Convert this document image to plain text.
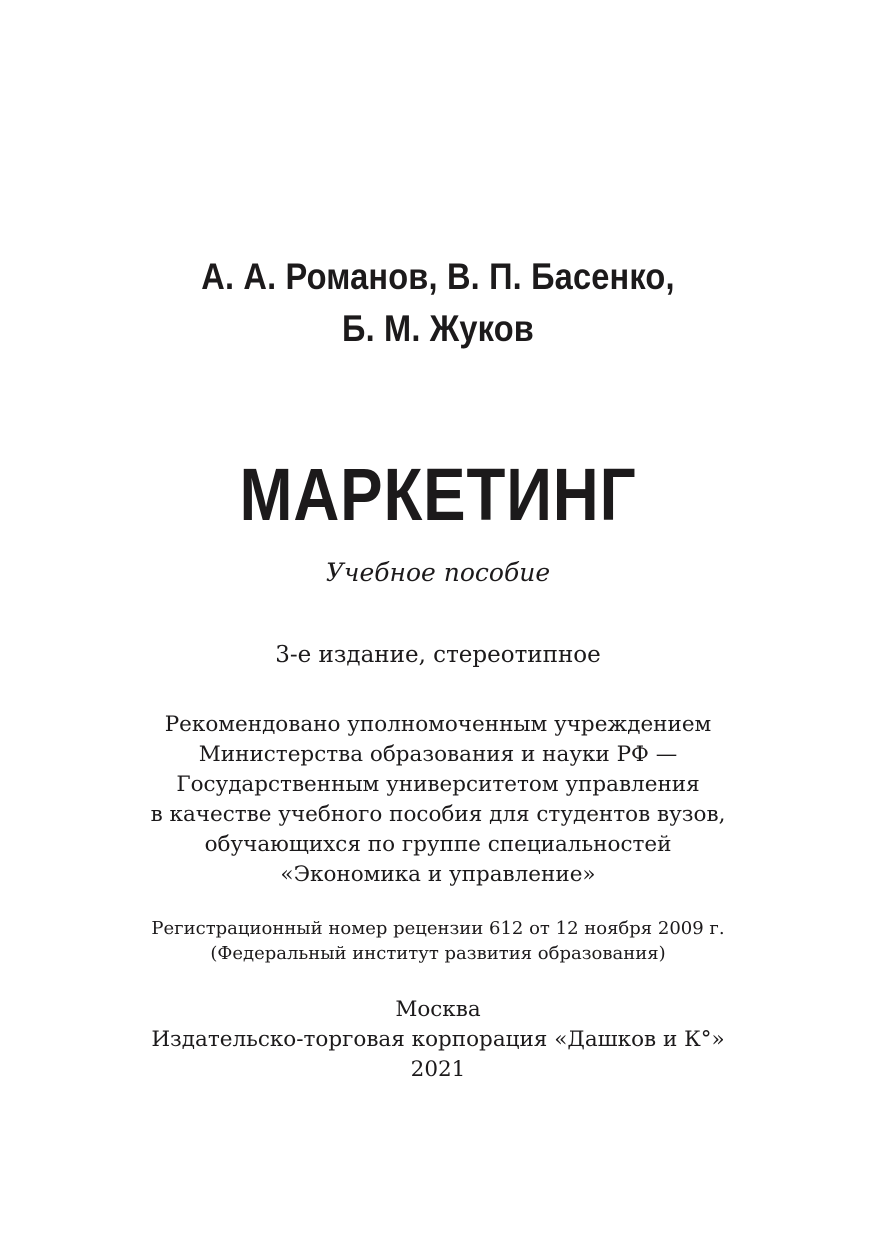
А. А. Романов, В. П. Басенко,
Б. М. Жуков
МАРКЕТИНГ
Учебное пособие
3-е издание, стереотипное
Рекомендовано уполномоченным учреждением
Министерства образования и науки РФ —
Государственным университетом управления
в качестве учебного пособия для студентов вузов,
обучающихся по группе специальностей
«Экономика и управление»
Регистрационный номер рецензии 612 от 12 ноября 2009 г.
(Федеральный институт развития образования)
Москва
Издательско-торговая корпорация «Дашков и К°»
2021
